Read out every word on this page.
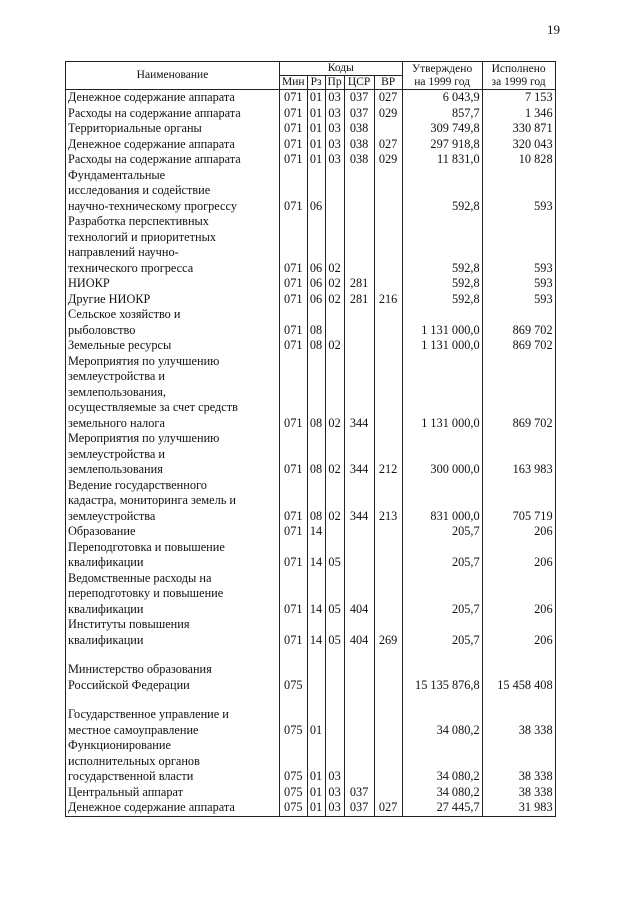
19
Наименование	Коды					Утверждено
на 1999 год	Исполнено
за 1999 год
	Мин	Рз	Пр	ЦСР	ВР		

Денежное содержание аппарата	071	01	03	037	027	6 043,9	7 153

Расходы на содержание аппарата	071	01	03	037	029	857,7	1 346

Территориальные органы	071	01	03	038		309 749,8	330 871

Денежное содержание аппарата	071	01	03	038	027	297 918,8	320 043

Расходы на содержание аппарата	071	01	03	038	029	11 831,0	10 828

Фундаментальные
исследования и содействие
научно-техническому прогрессу	071	06				592,8	593

Разработка перспективных
технологий и приоритетных
направлений научно-
технического прогресса	071	06	02			592,8	593

НИОКР	071	06	02	281		592,8	593

Другие НИОКР	071	06	02	281	216	592,8	593

Сельское хозяйство и
рыболовство	071	08				1 131 000,0	869 702

Земельные ресурсы	071	08	02			1 131 000,0	869 702

Мероприятия по улучшению
землеустройства и
землепользования,
осуществляемые за счет средств
земельного налога	071	08	02	344		1 131 000,0	869 702

Мероприятия по улучшению
землеустройства и
землепользования	071	08	02	344	212	300 000,0	163 983

Ведение государственного
кадастра, мониторинга земель и
землеустройства	071	08	02	344	213	831 000,0	705 719

Образование	071	14				205,7	206

Переподготовка и повышение
квалификации	071	14	05			205,7	206

Ведомственные расходы на
переподготовку и повышение
квалификации	071	14	05	404		205,7	206

Институты повышения
квалификации	071	14	05	404	269	205,7	206

Министерство образования
Российской Федерации	075					15 135 876,8	15 458 408

Государственное управление и
местное самоуправление	075	01				34 080,2	38 338

Функционирование
исполнительных органов
государственной власти	075	01	03			34 080,2	38 338

Центральный аппарат	075	01	03	037		34 080,2	38 338

Денежное содержание аппарата	075	01	03	037	027	27 445,7	31 983
